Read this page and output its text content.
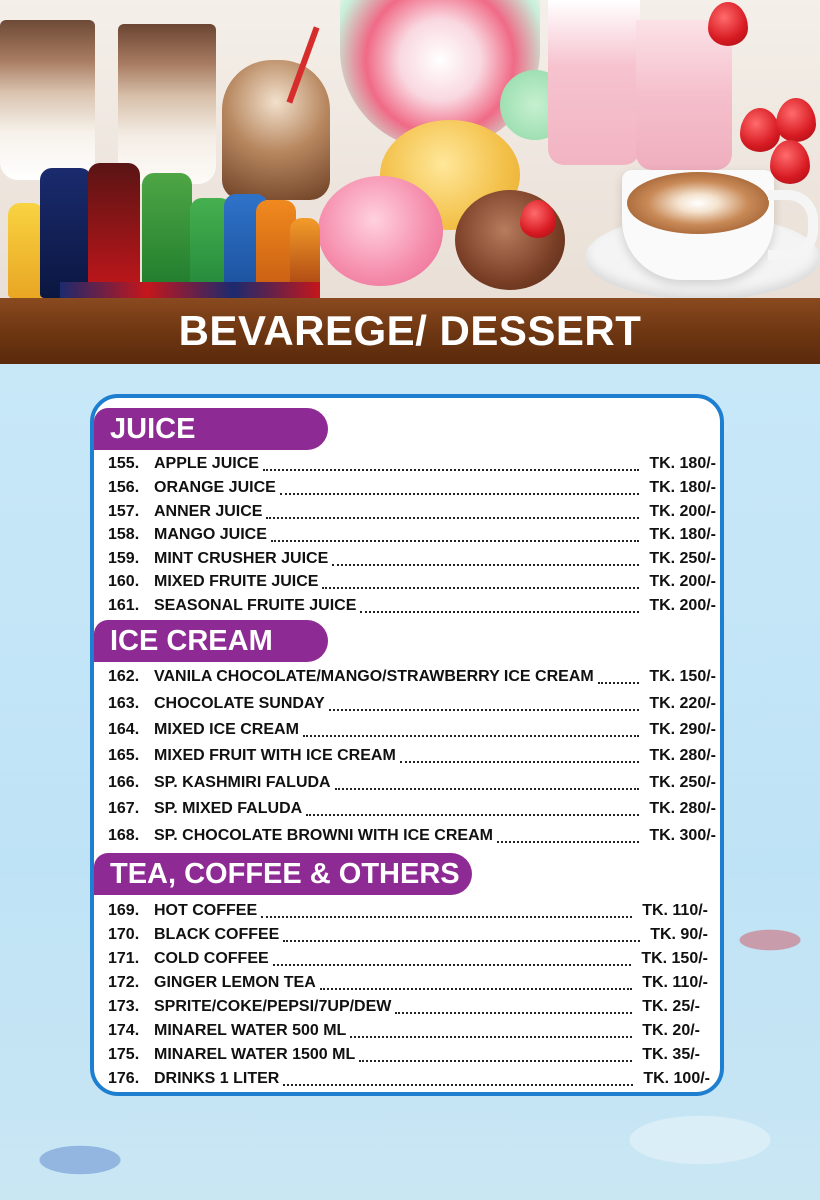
BEVAREGE/ DESSERT
JUICE
155. APPLE JUICE	TK. 180/-
156. ORANGE JUICE	TK. 180/-
157. ANNER JUICE	TK. 200/-
158. MANGO JUICE	TK. 180/-
159. MINT CRUSHER JUICE	TK. 250/-
160. MIXED FRUITE JUICE	TK. 200/-
161. SEASONAL FRUITE JUICE	TK. 200/-
ICE CREAM
162. VANILA CHOCOLATE/MANGO/STRAWBERRY ICE CREAM	TK. 150/-
163. CHOCOLATE SUNDAY	TK. 220/-
164. MIXED ICE CREAM	TK. 290/-
165. MIXED FRUIT WITH ICE CREAM	TK. 280/-
166. SP. KASHMIRI FALUDA	TK. 250/-
167. SP. MIXED FALUDA	TK. 280/-
168. SP. CHOCOLATE BROWNI WITH ICE CREAM	TK. 300/-
TEA, COFFEE & OTHERS
169. HOT COFFEE	TK. 110/-
170. BLACK COFFEE	TK. 90/-
171. COLD COFFEE	TK. 150/-
172. GINGER LEMON TEA	TK. 110/-
173. SPRITE/COKE/PEPSI/7UP/DEW	TK. 25/-
174. MINAREL WATER 500 ML	TK. 20/-
175. MINAREL WATER 1500 ML	TK. 35/-
176. DRINKS 1 LITER	TK. 100/-
